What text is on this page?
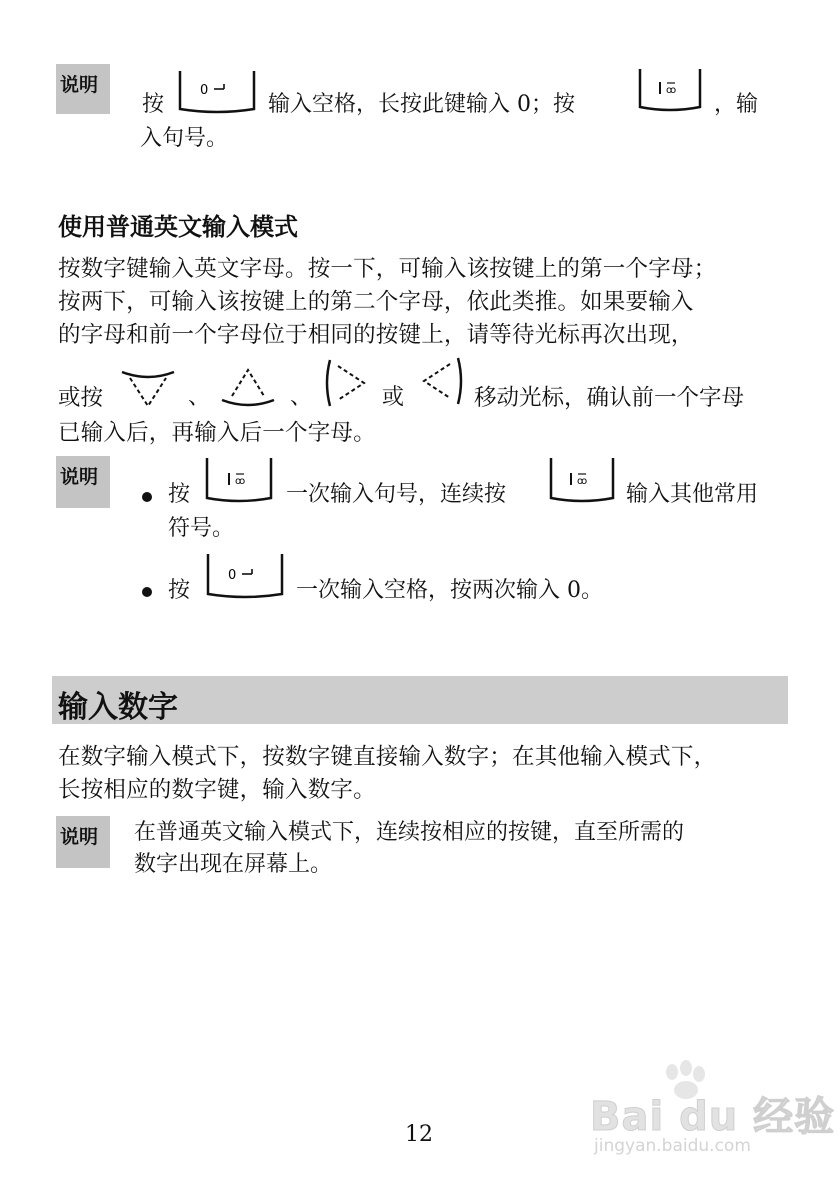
说明
按
0
输入空格，长按此键输入 0；按
ꝏ
，输
入句号。
使用普通英文输入模式
按数字键输入英文字母。按一下，可输入该按键上的第一个字母；
按两下，可输入该按键上的第二个字母，依此类推。如果要输入
的字母和前一个字母位于相同的按键上，请等待光标再次出现，
或按	、	、	或	移动光标，确认前一个字母
已输入后，再输入后一个字母。
说明
按
ꝏ
一次输入句号，连续按
ꝏ
输入其他常用
符号。
按
0
一次输入空格，按两次输入 0。
输入数字
在数字输入模式下，按数字键直接输入数字；在其他输入模式下，
长按相应的数字键，输入数字。
说明	在普通英文输入模式下，连续按相应的按键，直至所需的
数字出现在屏幕上。
12	Bai du 经验
jingyan.baidu.com
